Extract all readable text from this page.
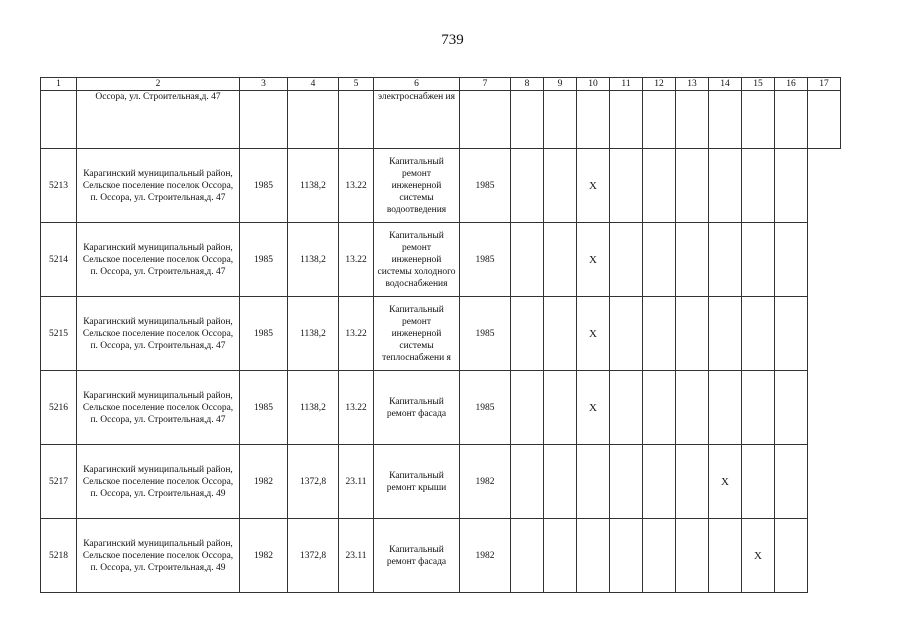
739
1	2	3	4	5	6	7	8	9	10	11	12	13	14	15	16	17
	Оссора, ул. Строительная,д. 47				электроснабжен ия											
5213	Карагинский муниципальный район, Сельское поселение поселок Оссора, п. Оссора, ул. Строительная,д. 47	1985	1138,2	13.22	Капитальный ремонт инженерной системы водоотведения	1985			X							
5214	Карагинский муниципальный район, Сельское поселение поселок Оссора, п. Оссора, ул. Строительная,д. 47	1985	1138,2	13.22	Капитальный ремонт инженерной системы холодного водоснабжения	1985			X							
5215	Карагинский муниципальный район, Сельское поселение поселок Оссора, п. Оссора, ул. Строительная,д. 47	1985	1138,2	13.22	Капитальный ремонт инженерной системы теплоснабжени я	1985			X							
5216	Карагинский муниципальный район, Сельское поселение поселок Оссора, п. Оссора, ул. Строительная,д. 47	1985	1138,2	13.22	Капитальный ремонт фасада	1985			X							
5217	Карагинский муниципальный район, Сельское поселение поселок Оссора, п. Оссора, ул. Строительная,д. 49	1982	1372,8	23.11	Капитальный ремонт крыши	1982							X			
5218	Карагинский муниципальный район, Сельское поселение поселок Оссора, п. Оссора, ул. Строительная,д. 49	1982	1372,8	23.11	Капитальный ремонт фасада	1982								X		
